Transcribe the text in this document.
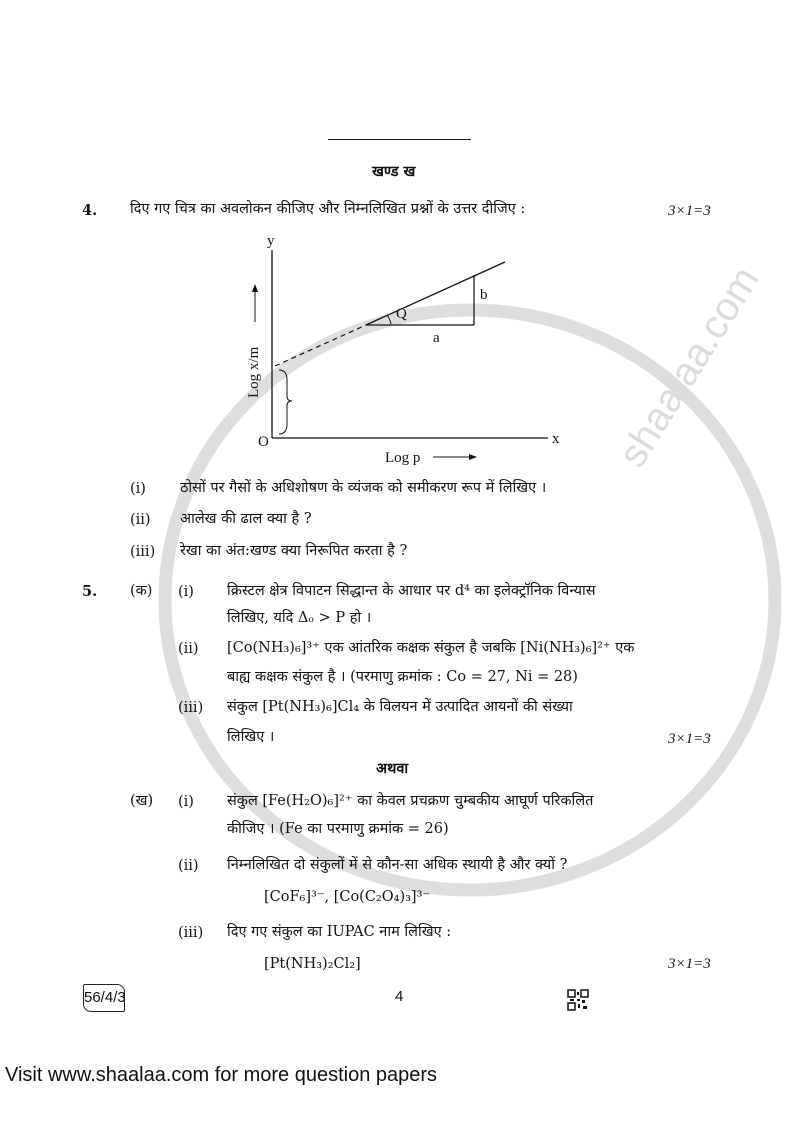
shaalaa.com
खण्ड ख
4. दिए गए चित्र का अवलोकन कीजिए और निम्नलिखित प्रश्नों के उत्तर दीजिए :	3×1=3
y
x
O
b
a
Q
Log p
Log x/m
(i) ठोसों पर गैसों के अधिशोषण के व्यंजक को समीकरण रूप में लिखिए ।
(ii) आलेख की ढाल क्या है ?
(iii) रेखा का अंत:खण्ड क्या निरूपित करता है ?
5. (क) (i) क्रिस्टल क्षेत्र विपाटन सिद्धान्त के आधार पर d⁴ का इलेक्ट्रॉनिक विन्यास
लिखिए, यदि Δₒ > P हो ।
(ii) [Co(NH₃)₆]³⁺ एक आंतरिक कक्षक संकुल है जबकि [Ni(NH₃)₆]²⁺ एक
बाह्य कक्षक संकुल है । (परमाणु क्रमांक : Co = 27, Ni = 28)
(iii) संकुल [Pt(NH₃)₆]Cl₄ के विलयन में उत्पादित आयनों की संख्या
लिखिए ।	3×1=3
अथवा
(ख) (i) संकुल [Fe(H₂O)₆]²⁺ का केवल प्रचक्रण चुम्बकीय आघूर्ण परिकलित
कीजिए । (Fe का परमाणु क्रमांक = 26)
(ii) निम्नलिखित दो संकुलों में से कौन-सा अधिक स्थायी है और क्यों ?
[CoF₆]³⁻, [Co(C₂O₄)₃]³⁻
(iii) दिए गए संकुल का IUPAC नाम लिखिए :
[Pt(NH₃)₂Cl₂]	3×1=3
56/4/3	4
Visit www.shaalaa.com for more question papers
